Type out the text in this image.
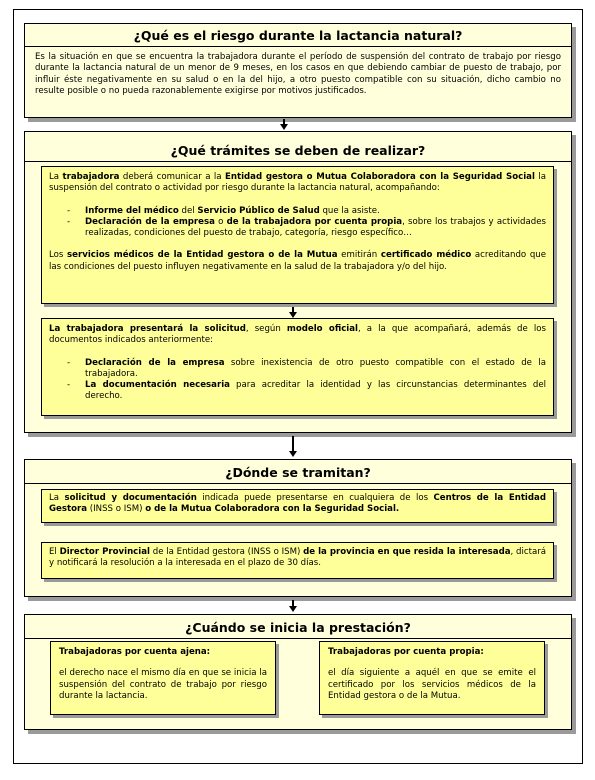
¿Qué es el riesgo durante la lactancia natural?

Es la situación en que se encuentra la trabajadora durante el período de suspensión del contrato de trabajo por riesgo durante la lactancia natural de un menor de 9 meses, en los casos en que debiendo cambiar de puesto de trabajo, por influir éste negativamente en su salud o en la del hijo, a otro puesto compatible con su situación, dicho cambio no resulte posible o no pueda razonablemente exigirse por motivos justificados.

¿Qué trámites se deben de realizar?

La trabajadora deberá comunicar a la Entidad gestora o Mutua Colaboradora con la Seguridad Social la suspensión del contrato o actividad por riesgo durante la lactancia natural, acompañando:

- Informe del médico del Servicio Público de Salud que la asiste.
- Declaración de la empresa o de la trabajadora por cuenta propia, sobre los trabajos y actividades realizadas, condiciones del puesto de trabajo, categoría, riesgo específico…

Los servicios médicos de la Entidad gestora o de la Mutua emitirán certificado médico acreditando que las condiciones del puesto influyen negativamente en la salud de la trabajadora y/o del hijo.

La trabajadora presentará la solicitud, según modelo oficial, a la que acompañará, además de los documentos indicados anteriormente:

- Declaración de la empresa sobre inexistencia de otro puesto compatible con el estado de la trabajadora.
- La documentación necesaria para acreditar la identidad y las circunstancias determinantes del derecho.
¿Dónde se tramitan?

La solicitud y documentación indicada puede presentarse en cualquiera de los Centros de la Entidad Gestora (INSS o ISM) o de la Mutua Colaboradora con la Seguridad Social.

El Director Provincial de la Entidad gestora (INSS o ISM) de la provincia en que resida la interesada, dictará y notificará la resolución a la interesada en el plazo de 30 días.

¿Cuándo se inicia la prestación?

Trabajadoras por cuenta ajena:

el derecho nace el mismo día en que se inicia la suspensión del contrato de trabajo por riesgo durante la lactancia.

Trabajadoras por cuenta propia:

el día siguiente a aquél en que se emite el certificado por los servicios médicos de la Entidad gestora o de la Mutua.
